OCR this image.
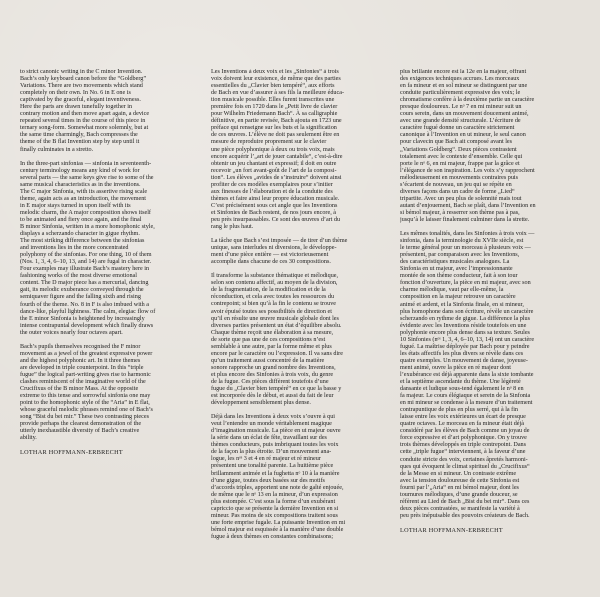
to strict canonic writing in the C minor Invention.
Bach’s only keyboard canon before the “Goldberg”
Variations. There are two movements which stand
completely on their own. In No. 6 in E one is
captivated by the graceful, elegant inventiveness.
Here the parts are drawn tunefully together in
contrary motion and then move apart again, a device
repeated several times in the course of this piece in
ternary song-form. Somewhat more solemnly, but at
the same time charmingly, Bach compresses the
theme of the B flat Invention step by step until it
finally culminates in a stretto.

In the three-part sinfonias — sinfonia in seventeenth-
century terminology means any kind of work for
several parts — the same keys give rise to some of the
same musical characteristics as in the inventions.
The C major Sinfonia, with its assertive rising scale
theme, again acts as an introduction, the movement
in E major stays turned in upon itself with its
melodic charm, the A major composition shows itself
to be animated and fiery once again, and the final
B minor Sinfonia, written in a more homophonic style,
displays a scherzando character in gigue rhythm.
The most striking difference between the sinfonias
and inventions lies in the more concentrated
polyphony of the sinfonias. For one thing, 10 of them
(Nos. 1, 3, 4, 6–10, 13, and 14) are fugal in character.
Four examples may illustrate Bach’s mastery here in
fashioning works of the most diverse emotional
content. The D major piece has a mercurial, dancing
gait, its melodic exuberance conveyed through the
semiquaver figure and the falling sixth and rising
fourth of the theme. No. 8 in F is also imbued with a
dance-like, playful lightness. The calm, elegiac flow of
the E minor Sinfonia is heightened by increasingly
intense contrapuntal development which finally draws
the outer voices nearly four octaves apart.

Bach’s pupils themselves recognised the F minor
movement as a jewel of the greatest expressive power
and the highest polyphonic art. In it three themes
are developed in triple counterpoint. In this “triple
fugue” the logical part-writing gives rise to harmonic
clashes reminiscent of the imaginative world of the
Crucifixus of the B minor Mass. At the opposite
extreme to this tense and sorrowful sinfonia one may
point to the homophonic style of the “Aria” in E flat,
whose graceful melodic phrases remind one of Bach’s
song “Bist du bei mir.” These two contrasting pieces
provide perhaps the clearest demonstration of the
utterly inexhaustible diversity of Bach’s creative
ability.

LOTHAR HOFFMANN-ERBRECHT

Les Inventions à deux voix et les „Sinfonies“ à trois
voix doivent leur existence, de même que des parties
essentielles du „Clavier bien tempéré“, aux efforts
de Bach en vue d’assurer à ses fils la meilleure éduca-
tion musicale possible. Elles furent transcrites une
première fois en 1720 dans le „Petit livre de clavier
pour Wilhelm Friedemann Bach“. À sa calligraphie
définitive, en partie revisée, Bach ajouta en 1723 une
préface qui renseigne sur les buts et la signification
de ces œuvres. L’élève ne doit pas seulement être en
mesure de reproduire proprement sur le clavier
une pièce polyphonique à deux ou trois voix, mais
encore acquérir l’„art de jouer cantabile“, c’est-à-dire
obtenir un jeu chantant et expressif; il doit en outre
recevoir „un fort avant-goût de l’art de la composi-
tion“. Les élèves „avides de s’instruire“ doivent ainsi
profiter de ces modèles exemplaires pour s’initier
aux finesses de l’élaboration et de la conduite des
thèmes et faire ainsi leur propre éducation musicale.
C’est précisément sous cet angle que les Inventions
et Sinfonies de Bach restent, de nos jours encore, à
peu près insurpassables. Ce sont des œuvres d’art du
rang le plus haut.

La tâche que Bach s’est imposée — de tirer d’un thème
unique, sans interludes ni diversions, le développe-
ment d’une pièce entière — est victorieusement
accomplie dans chacune de ces 30 compositions.

Il transforme la substance thématique et mélodique,
selon son contenu affectif, au moyen de la division,
de la fragmentation, de la modification et de la
réconduction, et cela avec toutes les ressources du
contrepoint; si bien qu’à la fin le contenu se trouve
avoir épuisé toutes ses possibilités de direction et
qu’il en résulte une œuvre musicale globale dont les
diverses parties présentent un état d’équilibre absolu.
Chaque thème reçoit une élaboration à sa mesure,
de sorte que pas une de ces compositions n’est
semblable à une autre, par la forme même et plus
encore par le caractère ou l’expression. Il va sans dire
qu’un traitement aussi concentré de la matière
sonore rapproche un grand nombre des Inventions,
et plus encore des Sinfonies à trois voix, du genre
de la fugue. Ces pièces diffèrent toutefois d’une
fugue du „Clavier bien tempéré“ en ce que la basse y
est incorporée dès le début, et aussi du fait de leur
développement sensiblement plus dense.

Déjà dans les Inventions à deux voix s’ouvre à qui
veut l’entendre un monde véritablement magique
d’imagination musicale. La pièce en ut majeur ouvre
la série dans un éclat de fête, travaillant sur des
thèmes conducteurs, puis imbriquant toutes les voix
de la façon la plus étroite. D’un mouvement ana-
logue, les nᵒˢ 3 et 4 en ré majeur et ré mineur
présentent une tonalité parente. La huitième pièce
brillamment animée et la fughetta nᵒ 10 à la manière
d’une gigue, toutes deux basées sur des motifs
d’accords triples, apportent une note de gaîté enjouée,
de même que le nᵒ 13 en la mineur, d’un expression
plus estompée. C’est sous la forme d’un exubérant
capriccio que se présente la dernière Invention en si
mineur. Pas moins de six compositions traitent sous
une forte emprise fugale. La puissante Invention en mi
bémol majeur est esquissée à la manière d’une double
fugue à deux thèmes en constantes combinaisons;

plus brillante encore est la 12e en la majeur, offrant
des exigences techniques accrues. Les morceaux
en fa mineur et en sol mineur se distinguent par une
conduite particulièrement expressive des voix; le
chromatisme confère à la deuxième partie un caractère
presque douloureux. Le nᵒ 7 en mi mineur suit un
cours serein, dans un mouvement doucement animé,
avec une grande densité structurale. L’écriture de
caractère fugué donne un caractère strictement
canonique à l’Invention en ut mineur, le seul canon
pour clavecin que Bach ait composé avant les
„Variations Goldberg“. Deux pièces contrastent
totalement avec le contexte d’ensemble. Celle qui
porte le nᵒ 6, en mi majeur, frappe par la grâce et
l’élégance de son inspiration. Les voix s’y rapprochent
mélodieusement en mouvements contraires puis
s’écartent de nouveau, un jeu qui se répète en
diverses façons dans un cadre de forme „Lied“
tripartite. Avec un peu plus de solennité mais tout
autant d’enjouement, Bach se plaît, dans l’Invention en
si bémol majeur, à resserrer son thème pas à pas,
jusqu’à le laisser finalement culminer dans la strette.

Les mêmes tonalités, dans les Sinfonies à trois voix —
sinfonia, dans la terminologie du XVIIe siècle, est
le terme général pour un morceau à plusieurs voix —
présentent, par comparaison avec les Inventions,
des caractéristiques musicales analogues. La
Sinfonia en ut majeur, avec l’impressionnante
montée de son thème conducteur, fait à son tour
fonction d’ouverture, la pièce en mi majeur, avec son
charme mélodique, vaut par elle-même, la
composition en la majeur retrouve un caractère
animé et ardent, et la Sinfonia finale, en si mineur,
plus homophone dans son écriture, révèle un caractère
scherzando en rythme de gigue. La différence la plus
évidente avec les Inventions réside toutefois en une
polyphonie encore plus dense dans sa texture. Seules
10 Sinfonies (nᵒˢ 1, 3, 4, 6–10, 13, 14) ont un caractère
fugué. La maîtrise déployée par Bach pour y peindre
les états affectifs les plus divers se révèle dans ces
quatre exemples. Un mouvement de danse, joyeuse-
ment animé, ouvre la pièce en ré majeur dont
l’exubérance est déjà apparente dans la sixte tombante
et la septième ascendante du thème. Une légèreté
dansante et ludique sous-tend également le nᵒ 8 en
fa majeur. Le cours élégiaque et serein de la Sinfonia
en mi mineur se condense à la mesure d’un traitement
contrapuntique de plus en plus serré, qui à la fin
laisse entre les voix extérieures un écart de presque
quatre octaves. Le morceau en fa mineur était déjà
considéré par les élèves de Bach comme un joyau de
force expressive et d’art polyphonique. On y trouve
trois thèmes développés en triple contrepoint. Dans
cette „triple fugue“ interviennent, à la faveur d’une
conduite stricte des voix, certaines âpretés harmoni-
ques qui évoquent le climat spirituel du „Crucifixus“
de la Messe en si mineur. Un contraste extrême
avec la tension douloureuse de cette Sinfonia est
fourni par l’„Aria“ en mi bémol majeur, dont les
tournures mélodiques, d’une grande douceur, se
réfèrent au Lied de Bach „Bist du bei mir“. Dans ces
deux pièces contrastées, se manifeste la variété à
peu près inépuisable des pouvoirs créateurs de Bach.

LOTHAR HOFFMANN-ERBRECHT
